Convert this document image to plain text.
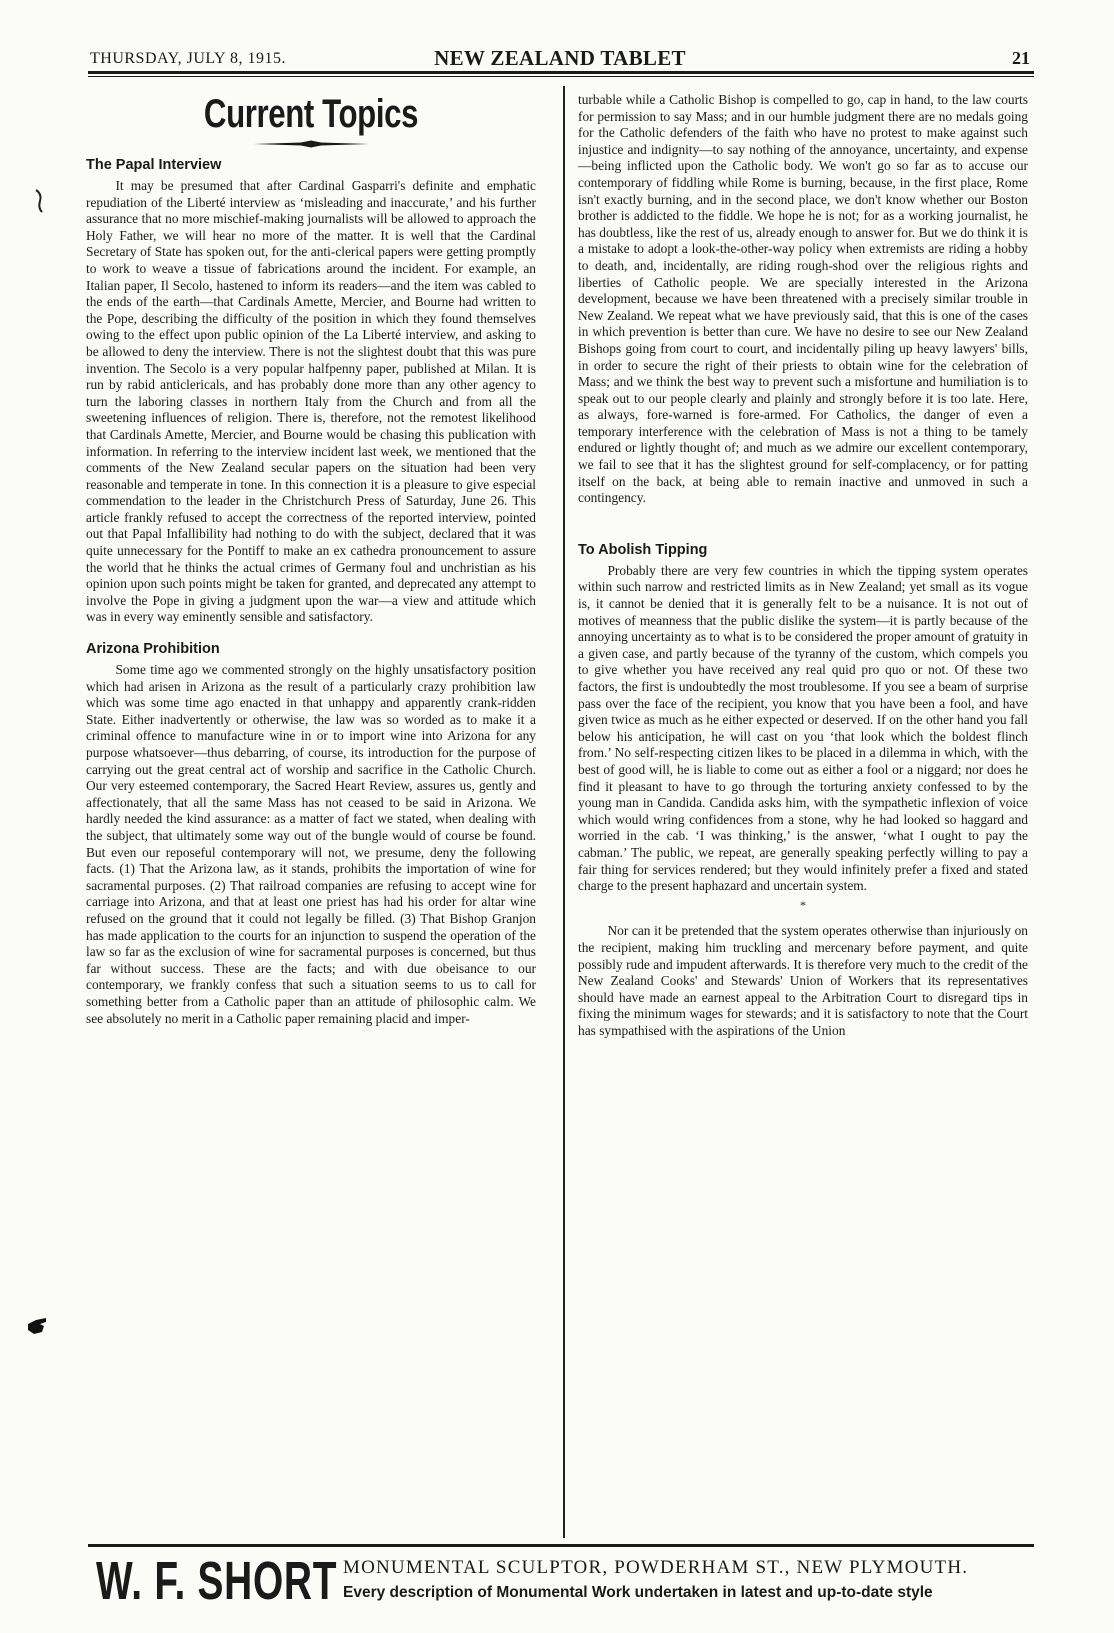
THURSDAY, JULY 8, 1915.	NEW ZEALAND TABLET	21
Current Topics
The Papal Interview

It may be presumed that after Cardinal Gasparri's definite and emphatic repudiation of the Liberté interview as ‘misleading and inaccurate,’ and his further assurance that no more mischief-making journalists will be allowed to approach the Holy Father, we will hear no more of the matter. It is well that the Cardinal Secretary of State has spoken out, for the anti-clerical papers were getting promptly to work to weave a tissue of fabrications around the incident. For example, an Italian paper, Il Secolo, hastened to inform its readers—and the item was cabled to the ends of the earth—that Cardinals Amette, Mercier, and Bourne had written to the Pope, describing the difficulty of the position in which they found themselves owing to the effect upon public opinion of the La Liberté interview, and asking to be allowed to deny the interview. There is not the slightest doubt that this was pure invention. The Secolo is a very popular halfpenny paper, published at Milan. It is run by rabid anticlericals, and has probably done more than any other agency to turn the laboring classes in northern Italy from the Church and from all the sweetening influences of religion. There is, therefore, not the remotest likelihood that Cardinals Amette, Mercier, and Bourne would be chasing this publication with information. In referring to the interview incident last week, we mentioned that the comments of the New Zealand secular papers on the situation had been very reasonable and temperate in tone. In this connection it is a pleasure to give especial commendation to the leader in the Christchurch Press of Saturday, June 26. This article frankly refused to accept the correctness of the reported interview, pointed out that Papal Infallibility had nothing to do with the subject, declared that it was quite unnecessary for the Pontiff to make an ex cathedra pronouncement to assure the world that he thinks the actual crimes of Germany foul and unchristian as his opinion upon such points might be taken for granted, and deprecated any attempt to involve the Pope in giving a judgment upon the war—a view and attitude which was in every way eminently sensible and satisfactory.

Arizona Prohibition

Some time ago we commented strongly on the highly unsatisfactory position which had arisen in Arizona as the result of a particularly crazy prohibition law which was some time ago enacted in that unhappy and apparently crank-ridden State. Either inadvertently or otherwise, the law was so worded as to make it a criminal offence to manufacture wine in or to import wine into Arizona for any purpose whatsoever—thus debarring, of course, its introduction for the purpose of carrying out the great central act of worship and sacrifice in the Catholic Church. Our very esteemed contemporary, the Sacred Heart Review, assures us, gently and affectionately, that all the same Mass has not ceased to be said in Arizona. We hardly needed the kind assurance: as a matter of fact we stated, when dealing with the subject, that ultimately some way out of the bungle would of course be found. But even our reposeful contemporary will not, we presume, deny the following facts. (1) That the Arizona law, as it stands, prohibits the importation of wine for sacramental purposes. (2) That railroad companies are refusing to accept wine for carriage into Arizona, and that at least one priest has had his order for altar wine refused on the ground that it could not legally be filled. (3) That Bishop Granjon has made application to the courts for an injunction to suspend the operation of the law so far as the exclusion of wine for sacramental purposes is concerned, but thus far without success. These are the facts; and with due obeisance to our contemporary, we frankly confess that such a situation seems to us to call for something better from a Catholic paper than an attitude of philosophic calm. We see absolutely no merit in a Catholic paper remaining placid and imper-

turbable while a Catholic Bishop is compelled to go, cap in hand, to the law courts for permission to say Mass; and in our humble judgment there are no medals going for the Catholic defenders of the faith who have no protest to make against such injustice and indignity—to say nothing of the annoyance, uncertainty, and expense—being inflicted upon the Catholic body. We won't go so far as to accuse our contemporary of fiddling while Rome is burning, because, in the first place, Rome isn't exactly burning, and in the second place, we don't know whether our Boston brother is addicted to the fiddle. We hope he is not; for as a working journalist, he has doubtless, like the rest of us, already enough to answer for. But we do think it is a mistake to adopt a look-the-other-way policy when extremists are riding a hobby to death, and, incidentally, are riding rough-shod over the religious rights and liberties of Catholic people. We are specially interested in the Arizona development, because we have been threatened with a precisely similar trouble in New Zealand. We repeat what we have previously said, that this is one of the cases in which prevention is better than cure. We have no desire to see our New Zealand Bishops going from court to court, and incidentally piling up heavy lawyers' bills, in order to secure the right of their priests to obtain wine for the celebration of Mass; and we think the best way to prevent such a misfortune and humiliation is to speak out to our people clearly and plainly and strongly before it is too late. Here, as always, fore-warned is fore-armed. For Catholics, the danger of even a temporary interference with the celebration of Mass is not a thing to be tamely endured or lightly thought of; and much as we admire our excellent contemporary, we fail to see that it has the slightest ground for self-complacency, or for patting itself on the back, at being able to remain inactive and unmoved in such a contingency.

To Abolish Tipping

Probably there are very few countries in which the tipping system operates within such narrow and restricted limits as in New Zealand; yet small as its vogue is, it cannot be denied that it is generally felt to be a nuisance. It is not out of motives of meanness that the public dislike the system—it is partly because of the annoying uncertainty as to what is to be considered the proper amount of gratuity in a given case, and partly because of the tyranny of the custom, which compels you to give whether you have received any real quid pro quo or not. Of these two factors, the first is undoubtedly the most troublesome. If you see a beam of surprise pass over the face of the recipient, you know that you have been a fool, and have given twice as much as he either expected or deserved. If on the other hand you fall below his anticipation, he will cast on you ‘that look which the boldest flinch from.’ No self-respecting citizen likes to be placed in a dilemma in which, with the best of good will, he is liable to come out as either a fool or a niggard; nor does he find it pleasant to have to go through the torturing anxiety confessed to by the young man in Candida. Candida asks him, with the sympathetic inflexion of voice which would wring confidences from a stone, why he had looked so haggard and worried in the cab. ‘I was thinking,’ is the answer, ‘what I ought to pay the cabman.’ The public, we repeat, are generally speaking perfectly willing to pay a fair thing for services rendered; but they would infinitely prefer a fixed and stated charge to the present haphazard and uncertain system.

*

Nor can it be pretended that the system operates otherwise than injuriously on the recipient, making him truckling and mercenary before payment, and quite possibly rude and impudent afterwards. It is therefore very much to the credit of the New Zealand Cooks' and Stewards' Union of Workers that its representatives should have made an earnest appeal to the Arbitration Court to disregard tips in fixing the minimum wages for stewards; and it is satisfactory to note that the Court has sympathised with the aspirations of the Union

W. F. SHORT MONUMENTAL SCULPTOR, POWDERHAM ST., NEW PLYMOUTH.
Every description of Monumental Work undertaken in latest and up-to-date style
